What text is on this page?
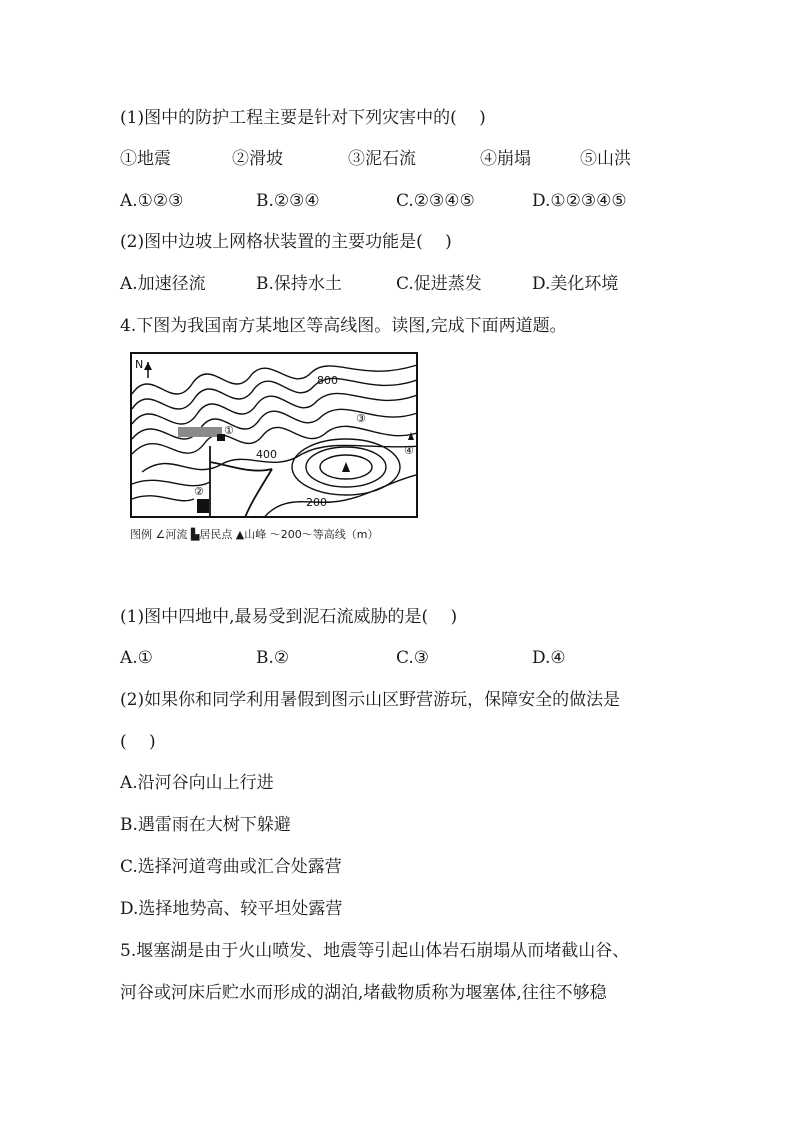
(1)图中的防护工程主要是针对下列灾害中的(　 )
①地震	②滑坡	③泥石流	④崩塌	⑤山洪
A.①②③	B.②③④	C.②③④⑤	D.①②③④⑤
(2)图中边坡上网格状装置的主要功能是(　 )
A.加速径流	B.保持水土	C.促进蒸发	D.美化环境
4.下图为我国南方某地区等高线图。读图,完成下面两道题。
N
800
400
200
①
②
③
④
图例 ∠河流 ▙居民点 ▲山峰 ～200～等高线（m）
(1)图中四地中,最易受到泥石流威胁的是(　 )
A.①	B.②	C.③	D.④
(2)如果你和同学利用暑假到图示山区野营游玩，保障安全的做法是
(　 )
A.沿河谷向山上行进
B.遇雷雨在大树下躲避
C.选择河道弯曲或汇合处露营
D.选择地势高、较平坦处露营
5.堰塞湖是由于火山喷发、地震等引起山体岩石崩塌从而堵截山谷、
河谷或河床后贮水而形成的湖泊,堵截物质称为堰塞体,往往不够稳
